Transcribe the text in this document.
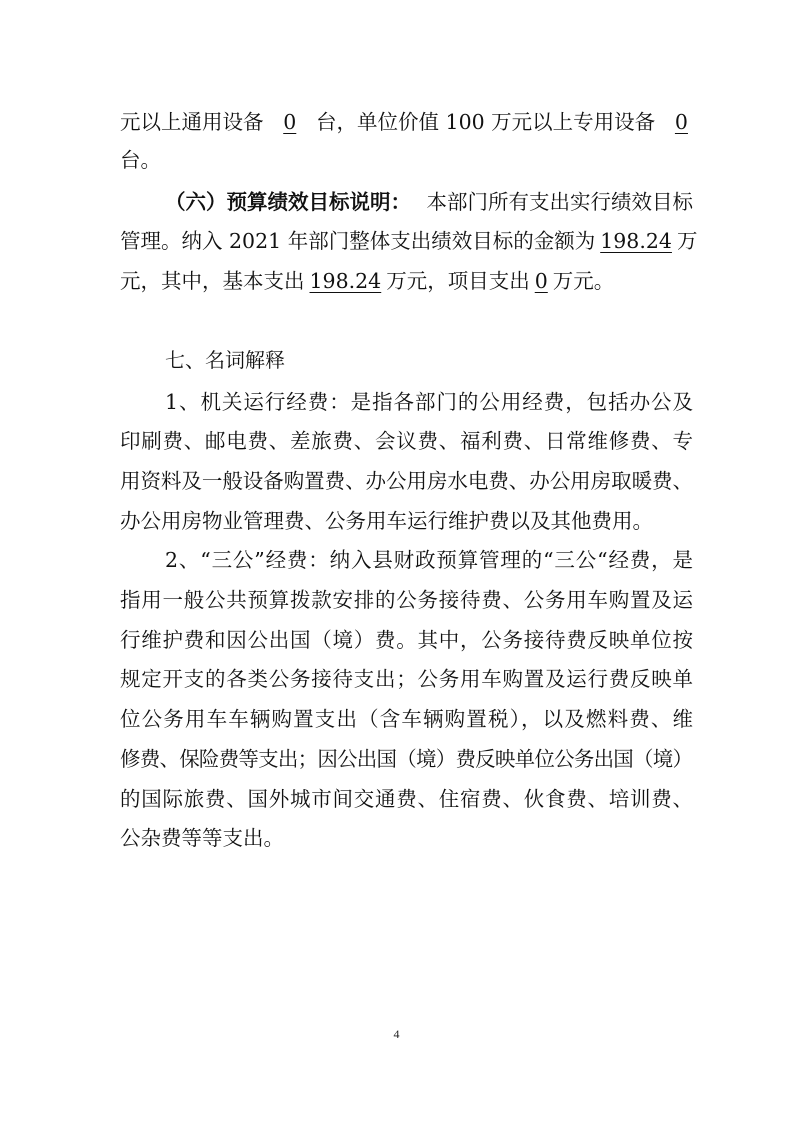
元以上通用设备 0 台，单位价值 100 万元以上专用设备 0
台。
（六）预算绩效目标说明： 本部门所有支出实行绩效目标
管理。纳入 2021 年部门整体支出绩效目标的金额为 198.24 万
元，其中，基本支出 198.24 万元，项目支出 0 万元。
七、名词解释
1、机关运行经费：是指各部门的公用经费，包括办公及
印刷费、邮电费、差旅费、会议费、福利费、日常维修费、专
用资料及一般设备购置费、办公用房水电费、办公用房取暖费、
办公用房物业管理费、公务用车运行维护费以及其他费用。
2、“三公”经费：纳入县财政预算管理的“三公“经费，是
指用一般公共预算拨款安排的公务接待费、公务用车购置及运
行维护费和因公出国（境）费。其中，公务接待费反映单位按
规定开支的各类公务接待支出；公务用车购置及运行费反映单
位公务用车车辆购置支出（含车辆购置税），以及燃料费、维
修费、保险费等支出；因公出国（境）费反映单位公务出国（境）
的国际旅费、国外城市间交通费、住宿费、伙食费、培训费、
公杂费等等支出。
4
